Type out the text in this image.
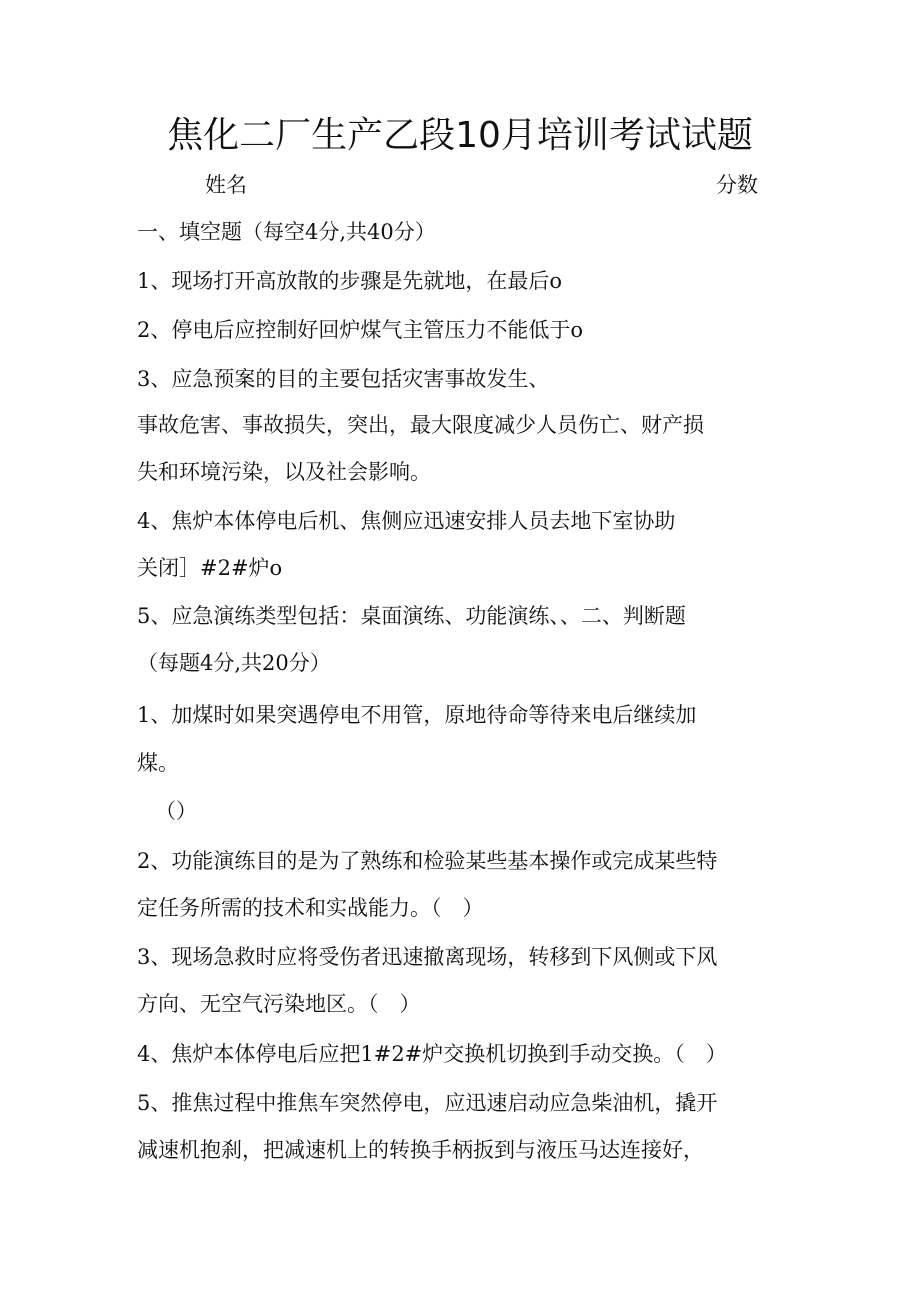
焦化二厂生产乙段10月培训考试试题
姓名	分数
一、填空题（每空4分,共40分）
1、现场打开高放散的步骤是先就地，在最后o
2、停电后应控制好回炉煤气主管压力不能低于o
3、应急预案的目的主要包括灾害事故发生、
事故危害、事故损失，突出，最大限度减少人员伤亡、财产损
失和环境污染，以及社会影响。
4、焦炉本体停电后机、焦侧应迅速安排人员去地下室协助
关闭］#2#炉o
5、应急演练类型包括：桌面演练、功能演练、、二、判断题
（每题4分,共20分）
1、加煤时如果突遇停电不用管，原地待命等待来电后继续加
煤。
（）
2、功能演练目的是为了熟练和检验某些基本操作或完成某些特
定任务所需的技术和实战能力。（　）
3、现场急救时应将受伤者迅速撤离现场，转移到下风侧或下风
方向、无空气污染地区。（　）
4、焦炉本体停电后应把1#2#炉交换机切换到手动交换。（　）
5、推焦过程中推焦车突然停电，应迅速启动应急柴油机，撬开
减速机抱刹，把减速机上的转换手柄扳到与液压马达连接好，
